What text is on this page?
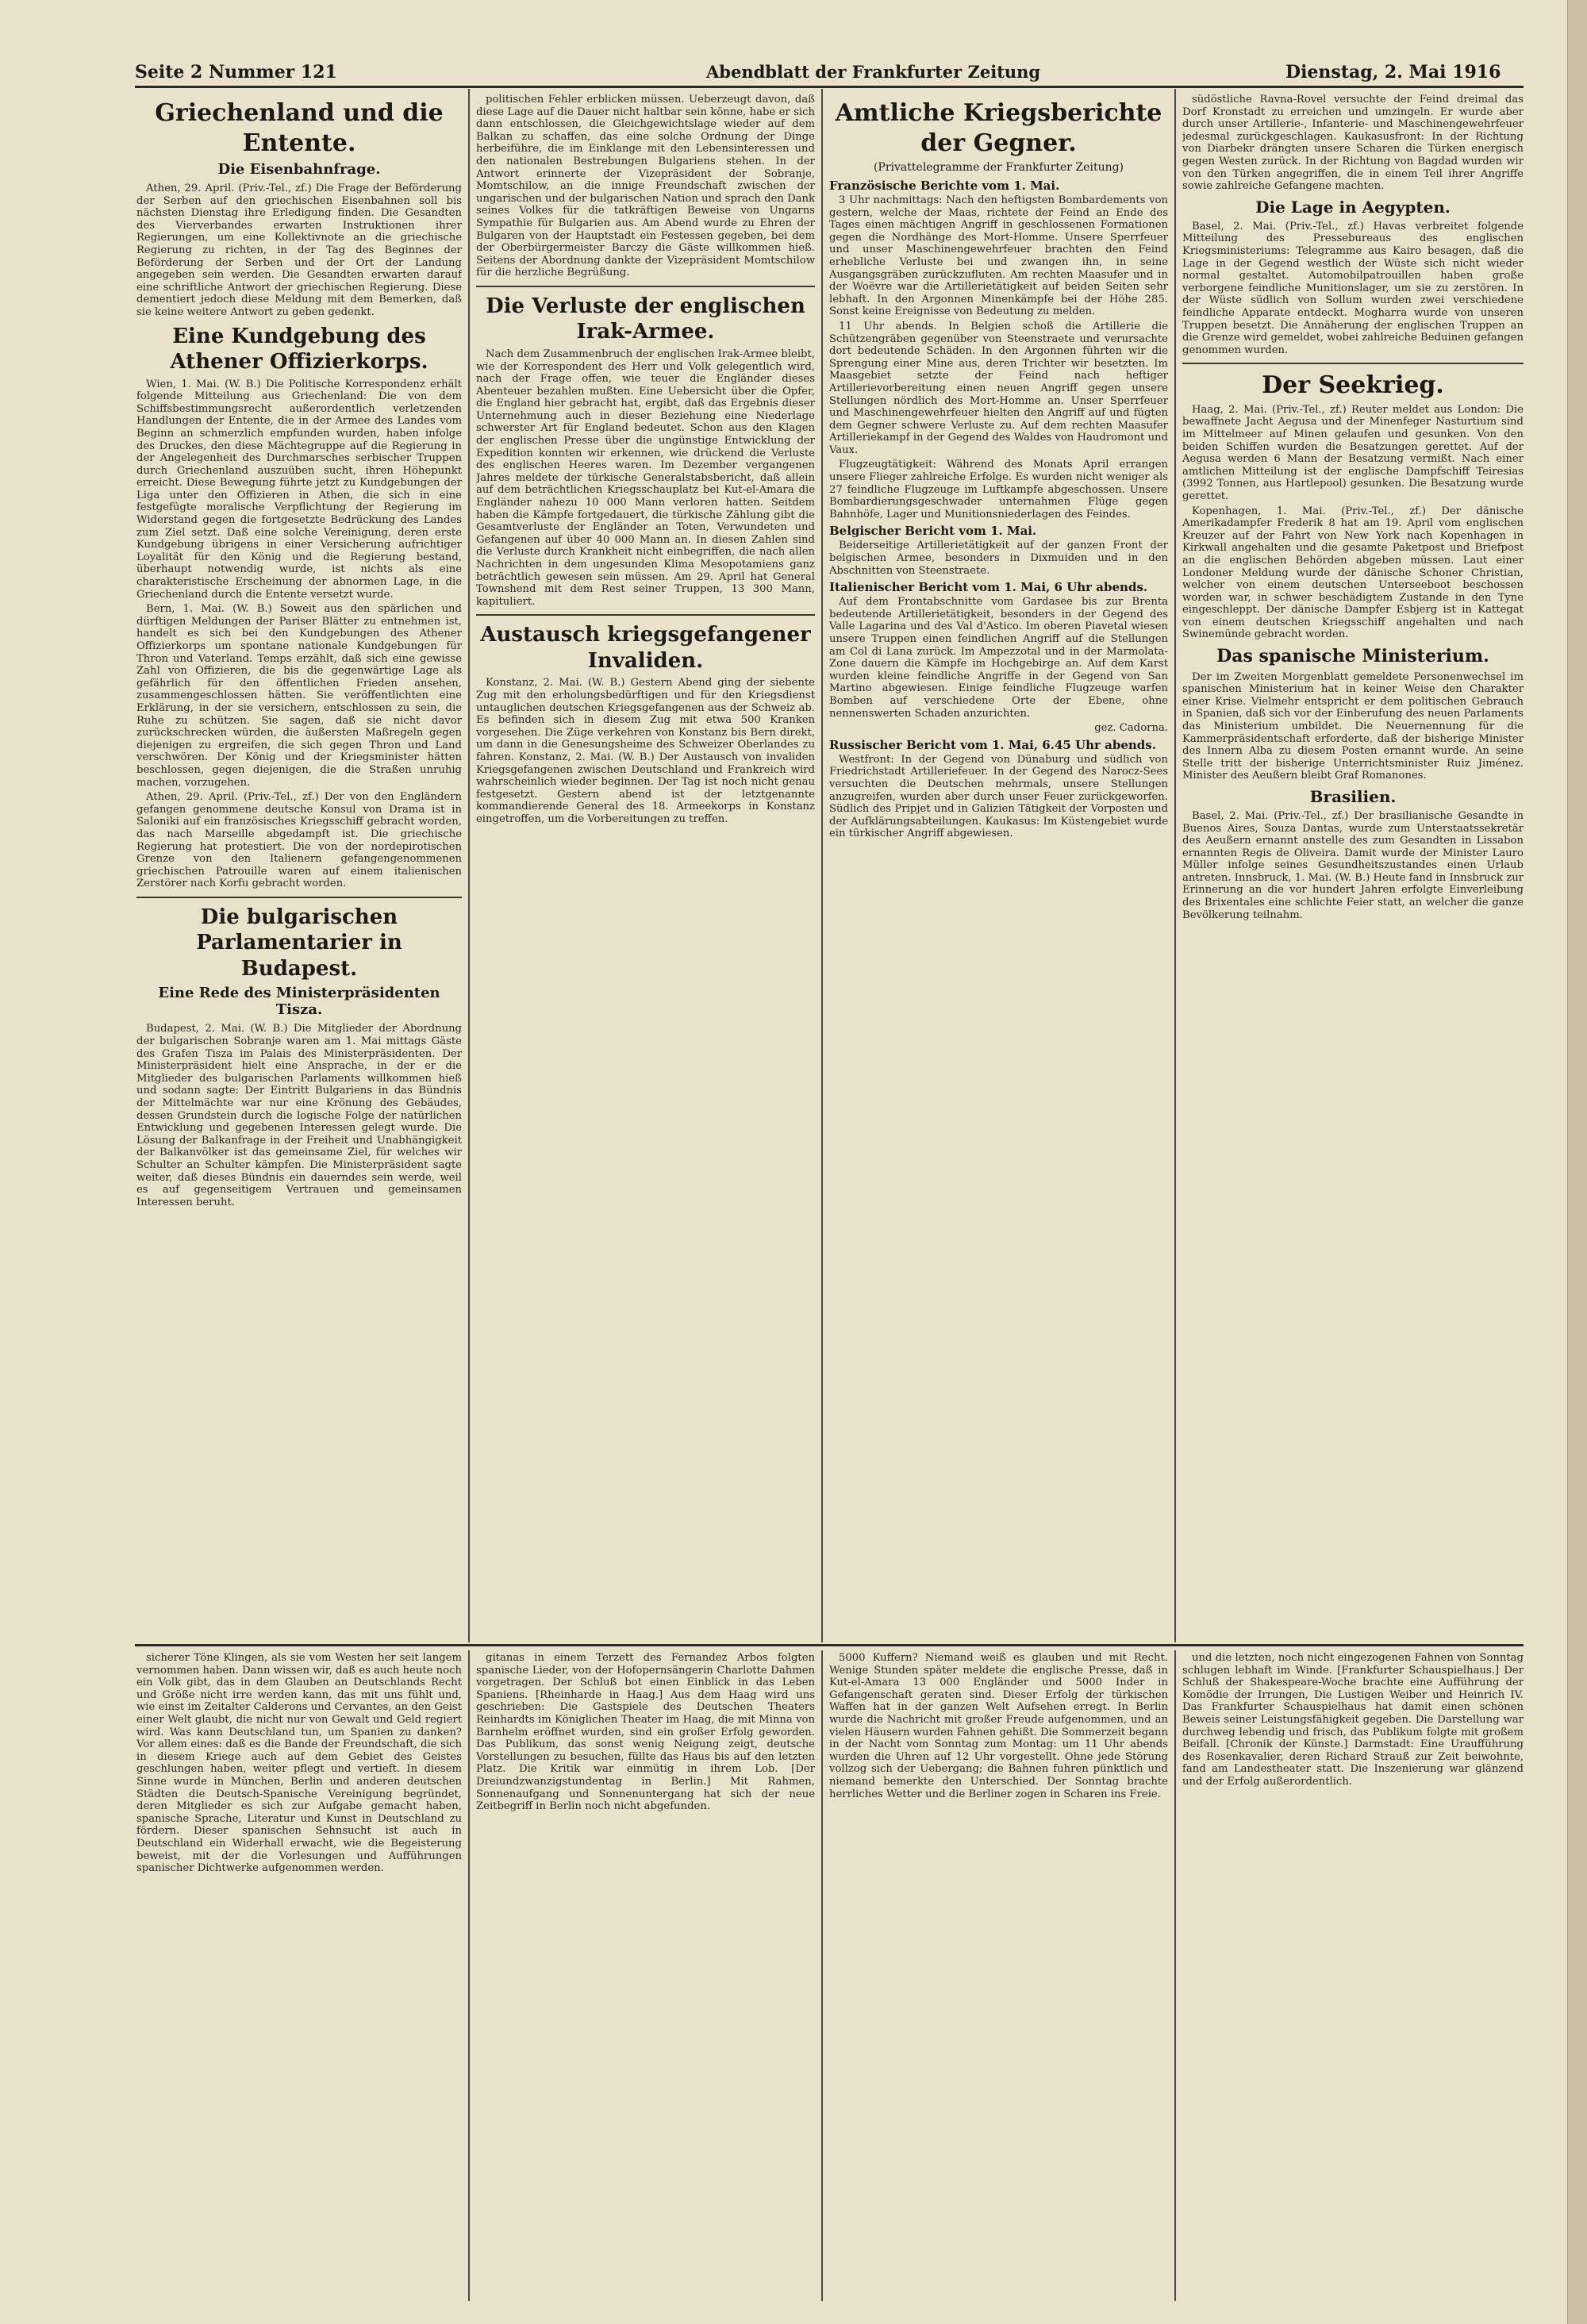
Seite 2 Nummer 121	Abendblatt der Frankfurter Zeitung	Dienstag, 2. Mai 1916
Griechenland und die Entente.
Die Eisenbahnfrage.

Athen, 29. April. (Priv.-Tel., zf.) Die Frage der Beförderung der Serben auf den griechischen Eisenbahnen soll bis nächsten Dienstag ihre Erledigung finden. Die Gesandten des Vierverbandes erwarten Instruktionen ihrer Regierungen, um eine Kollektivnote an die griechische Regierung zu richten, in der Tag des Beginnes der Beförderung der Serben und der Ort der Landung angegeben sein werden. Die Gesandten erwarten darauf eine schriftliche Antwort der griechischen Regierung. Diese dementiert jedoch diese Meldung mit dem Bemerken, daß sie keine weitere Antwort zu geben gedenkt.

Eine Kundgebung des Athener Offizierkorps.

Wien, 1. Mai. (W. B.) Die Politische Korrespondenz erhält folgende Mitteilung aus Griechenland: Die von dem Schiffsbestimmungsrecht außerordentlich verletzenden Handlungen der Entente, die in der Armee des Landes vom Beginn an schmerzlich empfunden wurden, haben infolge des Druckes, den diese Mächtegruppe auf die Regierung in der Angelegenheit des Durchmarsches serbischer Truppen durch Griechenland auszuüben sucht, ihren Höhepunkt erreicht. Diese Bewegung führte jetzt zu Kundgebungen der Liga unter den Offizieren in Athen, die sich in eine festgefügte moralische Verpflichtung der Regierung im Widerstand gegen die fortgesetzte Bedrückung des Landes zum Ziel setzt. Daß eine solche Vereinigung, deren erste Kundgebung übrigens in einer Versicherung aufrichtiger Loyalität für den König und die Regierung bestand, überhaupt notwendig wurde, ist nichts als eine charakteristische Erscheinung der abnormen Lage, in die Griechenland durch die Entente versetzt wurde.

Bern, 1. Mai. (W. B.) Soweit aus den spärlichen und dürftigen Meldungen der Pariser Blätter zu entnehmen ist, handelt es sich bei den Kundgebungen des Athener Offizierkorps um spontane nationale Kundgebungen für Thron und Vaterland. Temps erzählt, daß sich eine gewisse Zahl von Offizieren, die bis die gegenwärtige Lage als gefährlich für den öffentlichen Frieden ansehen, zusammengeschlossen hätten. Sie veröffentlichten eine Erklärung, in der sie versichern, entschlossen zu sein, die Ruhe zu schützen. Sie sagen, daß sie nicht davor zurückschrecken würden, die äußersten Maßregeln gegen diejenigen zu ergreifen, die sich gegen Thron und Land verschwören. Der König und der Kriegsminister hätten beschlossen, gegen diejenigen, die die Straßen unruhig machen, vorzugehen.

Athen, 29. April. (Priv.-Tel., zf.) Der von den Engländern gefangen genommene deutsche Konsul von Drama ist in Saloniki auf ein französisches Kriegsschiff gebracht worden, das nach Marseille abgedampft ist. Die griechische Regierung hat protestiert. Die von der nordepirotischen Grenze von den Italienern gefangengenommenen griechischen Patrouille waren auf einem italienischen Zerstörer nach Korfu gebracht worden.

Die bulgarischen Parlamentarier in Budapest.
Eine Rede des Ministerpräsidenten Tisza.

Budapest, 2. Mai. (W. B.) Die Mitglieder der Abordnung der bulgarischen Sobranje waren am 1. Mai mittags Gäste des Grafen Tisza im Palais des Ministerpräsidenten. Der Ministerpräsident hielt eine Ansprache, in der er die Mitglieder des bulgarischen Parlaments willkommen hieß und sodann sagte: Der Eintritt Bulgariens in das Bündnis der Mittelmächte war nur eine Krönung des Gebäudes, dessen Grundstein durch die logische Folge der natürlichen Entwicklung und gegebenen Interessen gelegt wurde. Die Lösung der Balkanfrage in der Freiheit und Unabhängigkeit der Balkanvölker ist das gemeinsame Ziel, für welches wir Schulter an Schulter kämpfen. Die Ministerpräsident sagte weiter, daß dieses Bündnis ein dauerndes sein werde, weil es auf gegenseitigem Vertrauen und gemeinsamen Interessen beruht.

politischen Fehler erblicken müssen. Ueberzeugt davon, daß diese Lage auf die Dauer nicht haltbar sein könne, habe er sich dann entschlossen, die Gleichgewichtslage wieder auf dem Balkan zu schaffen, das eine solche Ordnung der Dinge herbeiführe, die im Einklange mit den Lebensinteressen und den nationalen Bestrebungen Bulgariens stehen. In der Antwort erinnerte der Vizepräsident der Sobranje, Momtschilow, an die innige Freundschaft zwischen der ungarischen und der bulgarischen Nation und sprach den Dank seines Volkes für die tatkräftigen Beweise von Ungarns Sympathie für Bulgarien aus. Am Abend wurde zu Ehren der Bulgaren von der Hauptstadt ein Festessen gegeben, bei dem der Oberbürgermeister Barczy die Gäste willkommen hieß. Seitens der Abordnung dankte der Vizepräsident Momtschilow für die herzliche Begrüßung.

Die Verluste der englischen Irak-Armee.

Nach dem Zusammenbruch der englischen Irak-Armee bleibt, wie der Korrespondent des Herr und Volk gelegentlich wird, nach der Frage offen, wie teuer die Engländer dieses Abenteuer bezahlen mußten. Eine Uebersicht über die Opfer, die England hier gebracht hat, ergibt, daß das Ergebnis dieser Unternehmung auch in dieser Beziehung eine Niederlage schwerster Art für England bedeutet. Schon aus den Klagen der englischen Presse über die ungünstige Entwicklung der Expedition konnten wir erkennen, wie drückend die Verluste des englischen Heeres waren. Im Dezember vergangenen Jahres meldete der türkische Generalstabsbericht, daß allein auf dem beträchtlichen Kriegsschauplatz bei Kut-el-Amara die Engländer nahezu 10 000 Mann verloren hatten. Seitdem haben die Kämpfe fortgedauert, die türkische Zählung gibt die Gesamtverluste der Engländer an Toten, Verwundeten und Gefangenen auf über 40 000 Mann an. In diesen Zahlen sind die Verluste durch Krankheit nicht einbegriffen, die nach allen Nachrichten in dem ungesunden Klima Mesopotamiens ganz beträchtlich gewesen sein müssen. Am 29. April hat General Townshend mit dem Rest seiner Truppen, 13 300 Mann, kapituliert.

Austausch kriegsgefangener Invaliden.

Konstanz, 2. Mai. (W. B.) Gestern Abend ging der siebente Zug mit den erholungsbedürftigen und für den Kriegsdienst untauglichen deutschen Kriegsgefangenen aus der Schweiz ab. Es befinden sich in diesem Zug mit etwa 500 Kranken vorgesehen. Die Züge verkehren von Konstanz bis Bern direkt, um dann in die Genesungsheime des Schweizer Oberlandes zu fahren. Konstanz, 2. Mai. (W. B.) Der Austausch von invaliden Kriegsgefangenen zwischen Deutschland und Frankreich wird wahrscheinlich wieder beginnen. Der Tag ist noch nicht genau festgesetzt. Gestern abend ist der letztgenannte kommandierende General des 18. Armeekorps in Konstanz eingetroffen, um die Vorbereitungen zu treffen.

Amtliche Kriegsberichte der Gegner.
(Privattelegramme der Frankfurter Zeitung)
Französische Berichte vom 1. Mai.

3 Uhr nachmittags: Nach den heftigsten Bombardements von gestern, welche der Maas, richtete der Feind an Ende des Tages einen mächtigen Angriff in geschlossenen Formationen gegen die Nordhänge des Mort-Homme. Unsere Sperrfeuer und unser Maschinengewehrfeuer brachten den Feind erhebliche Verluste bei und zwangen ihn, in seine Ausgangsgräben zurückzufluten. Am rechten Maasufer und in der Woëvre war die Artillerietätigkeit auf beiden Seiten sehr lebhaft. In den Argonnen Minenkämpfe bei der Höhe 285. Sonst keine Ereignisse von Bedeutung zu melden.

11 Uhr abends. In Belgien schoß die Artillerie die Schützengräben gegenüber von Steenstraete und verursachte dort bedeutende Schäden. In den Argonnen führten wir die Sprengung einer Mine aus, deren Trichter wir besetzten. Im Maasgebiet setzte der Feind nach heftiger Artillerievorbereitung einen neuen Angriff gegen unsere Stellungen nördlich des Mort-Homme an. Unser Sperrfeuer und Maschinengewehrfeuer hielten den Angriff auf und fügten dem Gegner schwere Verluste zu. Auf dem rechten Maasufer Artilleriekampf in der Gegend des Waldes von Haudromont und Vaux.

Flugzeugtätigkeit: Während des Monats April errangen unsere Flieger zahlreiche Erfolge. Es wurden nicht weniger als 27 feindliche Flugzeuge im Luftkampfe abgeschossen. Unsere Bombardierungsgeschwader unternahmen Flüge gegen Bahnhöfe, Lager und Munitionsniederlagen des Feindes.

Belgischer Bericht vom 1. Mai.

Beiderseitige Artillerietätigkeit auf der ganzen Front der belgischen Armee, besonders in Dixmuiden und in den Abschnitten von Steenstraete.

Italienischer Bericht vom 1. Mai, 6 Uhr abends.

Auf dem Frontabschnitte vom Gardasee bis zur Brenta bedeutende Artillerietätigkeit, besonders in der Gegend des Valle Lagarina und des Val d'Astico. Im oberen Piavetal wiesen unsere Truppen einen feindlichen Angriff auf die Stellungen am Col di Lana zurück. Im Ampezzotal und in der Marmolata-Zone dauern die Kämpfe im Hochgebirge an. Auf dem Karst wurden kleine feindliche Angriffe in der Gegend von San Martino abgewiesen. Einige feindliche Flugzeuge warfen Bomben auf verschiedene Orte der Ebene, ohne nennenswerten Schaden anzurichten.

gez. Cadorna.

Russischer Bericht vom 1. Mai, 6.45 Uhr abends.

Westfront: In der Gegend von Dünaburg und südlich von Friedrichstadt Artilleriefeuer. In der Gegend des Narocz-Sees versuchten die Deutschen mehrmals, unsere Stellungen anzugreifen, wurden aber durch unser Feuer zurückgeworfen. Südlich des Pripjet und in Galizien Tätigkeit der Vorposten und der Aufklärungsabteilungen. Kaukasus: Im Küstengebiet wurde ein türkischer Angriff abgewiesen.

südöstliche Ravna-Rovel versuchte der Feind dreimal das Dorf Kronstadt zu erreichen und umzingeln. Er wurde aber durch unser Artillerie-, Infanterie- und Maschinengewehrfeuer jedesmal zurückgeschlagen. Kaukasusfront: In der Richtung von Diarbekr drängten unsere Scharen die Türken energisch gegen Westen zurück. In der Richtung von Bagdad wurden wir von den Türken angegriffen, die in einem Teil ihrer Angriffe sowie zahlreiche Gefangene machten.

Die Lage in Aegypten.

Basel, 2. Mai. (Priv.-Tel., zf.) Havas verbreitet folgende Mitteilung des Pressebureaus des englischen Kriegsministeriums: Telegramme aus Kairo besagen, daß die Lage in der Gegend westlich der Wüste sich nicht wieder normal gestaltet. Automobilpatrouillen haben große verborgene feindliche Munitionslager, um sie zu zerstören. In der Wüste südlich von Sollum wurden zwei verschiedene feindliche Apparate entdeckt. Mogharra wurde von unseren Truppen besetzt. Die Annäherung der englischen Truppen an die Grenze wird gemeldet, wobei zahlreiche Beduinen gefangen genommen wurden.

Der Seekrieg.

Haag, 2. Mai. (Priv.-Tel., zf.) Reuter meldet aus London: Die bewaffnete Jacht Aegusa und der Minenfeger Nasturtium sind im Mittelmeer auf Minen gelaufen und gesunken. Von den beiden Schiffen wurden die Besatzungen gerettet. Auf der Aegusa werden 6 Mann der Besatzung vermißt. Nach einer amtlichen Mitteilung ist der englische Dampfschiff Teiresias (3992 Tonnen, aus Hartlepool) gesunken. Die Besatzung wurde gerettet.

Kopenhagen, 1. Mai. (Priv.-Tel., zf.) Der dänische Amerikadampfer Frederik 8 hat am 19. April vom englischen Kreuzer auf der Fahrt von New York nach Kopenhagen in Kirkwall angehalten und die gesamte Paketpost und Briefpost an die englischen Behörden abgeben müssen. Laut einer Londoner Meldung wurde der dänische Schoner Christian, welcher von einem deutschen Unterseeboot beschossen worden war, in schwer beschädigtem Zustande in den Tyne eingeschleppt. Der dänische Dampfer Esbjerg ist in Kattegat von einem deutschen Kriegsschiff angehalten und nach Swinemünde gebracht worden.

Das spanische Ministerium.

Der im Zweiten Morgenblatt gemeldete Personenwechsel im spanischen Ministerium hat in keiner Weise den Charakter einer Krise. Vielmehr entspricht er dem politischen Gebrauch in Spanien, daß sich vor der Einberufung des neuen Parlaments das Ministerium umbildet. Die Neuernennung für die Kammerpräsidentschaft erforderte, daß der bisherige Minister des Innern Alba zu diesem Posten ernannt wurde. An seine Stelle tritt der bisherige Unterrichtsminister Ruiz Jiménez. Minister des Aeußern bleibt Graf Romanones.

Brasilien.

Basel, 2. Mai. (Priv.-Tel., zf.) Der brasilianische Gesandte in Buenos Aires, Souza Dantas, wurde zum Unterstaatssekretär des Aeußern ernannt anstelle des zum Gesandten in Lissabon ernannten Regis de Oliveira. Damit wurde der Minister Lauro Müller infolge seines Gesundheitszustandes einen Urlaub antreten. Innsbruck, 1. Mai. (W. B.) Heute fand in Innsbruck zur Erinnerung an die vor hundert Jahren erfolgte Einverleibung des Brixentales eine schlichte Feier statt, an welcher die ganze Bevölkerung teilnahm.

sicherer Töne Klingen, als sie vom Westen her seit langem vernommen haben. Dann wissen wir, daß es auch heute noch ein Volk gibt, das in dem Glauben an Deutschlands Recht und Größe nicht irre werden kann, das mit uns fühlt und, wie einst im Zeitalter Calderons und Cervantes, an den Geist einer Welt glaubt, die nicht nur von Gewalt und Geld regiert wird. Was kann Deutschland tun, um Spanien zu danken? Vor allem eines: daß es die Bande der Freundschaft, die sich in diesem Kriege auch auf dem Gebiet des Geistes geschlungen haben, weiter pflegt und vertieft. In diesem Sinne wurde in München, Berlin und anderen deutschen Städten die Deutsch-Spanische Vereinigung begründet, deren Mitglieder es sich zur Aufgabe gemacht haben, spanische Sprache, Literatur und Kunst in Deutschland zu fördern. Dieser spanischen Sehnsucht ist auch in Deutschland ein Widerhall erwacht, wie die Begeisterung beweist, mit der die Vorlesungen und Aufführungen spanischer Dichtwerke aufgenommen werden.

gitanas in einem Terzett des Fernandez Arbos folgten spanische Lieder, von der Hofopernsängerin Charlotte Dahmen vorgetragen. Der Schluß bot einen Einblick in das Leben Spaniens. [Rheinharde in Haag.] Aus dem Haag wird uns geschrieben: Die Gastspiele des Deutschen Theaters Reinhardts im Königlichen Theater im Haag, die mit Minna von Barnhelm eröffnet wurden, sind ein großer Erfolg geworden. Das Publikum, das sonst wenig Neigung zeigt, deutsche Vorstellungen zu besuchen, füllte das Haus bis auf den letzten Platz. Die Kritik war einmütig in ihrem Lob. [Der Dreiundzwanzigstundentag in Berlin.] Mit Rahmen, Sonnenaufgang und Sonnenuntergang hat sich der neue Zeitbegriff in Berlin noch nicht abgefunden.

5000 Kuffern? Niemand weiß es glauben und mit Recht. Wenige Stunden später meldete die englische Presse, daß in Kut-el-Amara 13 000 Engländer und 5000 Inder in Gefangenschaft geraten sind. Dieser Erfolg der türkischen Waffen hat in der ganzen Welt Aufsehen erregt. In Berlin wurde die Nachricht mit großer Freude aufgenommen, und an vielen Häusern wurden Fahnen gehißt. Die Sommerzeit begann in der Nacht vom Sonntag zum Montag: um 11 Uhr abends wurden die Uhren auf 12 Uhr vorgestellt. Ohne jede Störung vollzog sich der Uebergang; die Bahnen fuhren pünktlich und niemand bemerkte den Unterschied. Der Sonntag brachte herrliches Wetter und die Berliner zogen in Scharen ins Freie.

und die letzten, noch nicht eingezogenen Fahnen von Sonntag schlugen lebhaft im Winde. [Frankfurter Schauspielhaus.] Der Schluß der Shakespeare-Woche brachte eine Aufführung der Komödie der Irrungen, Die Lustigen Weiber und Heinrich IV. Das Frankfurter Schauspielhaus hat damit einen schönen Beweis seiner Leistungsfähigkeit gegeben. Die Darstellung war durchweg lebendig und frisch, das Publikum folgte mit großem Beifall. [Chronik der Künste.] Darmstadt: Eine Uraufführung des Rosenkavalier, deren Richard Strauß zur Zeit beiwohnte, fand am Landestheater statt. Die Inszenierung war glänzend und der Erfolg außerordentlich.
